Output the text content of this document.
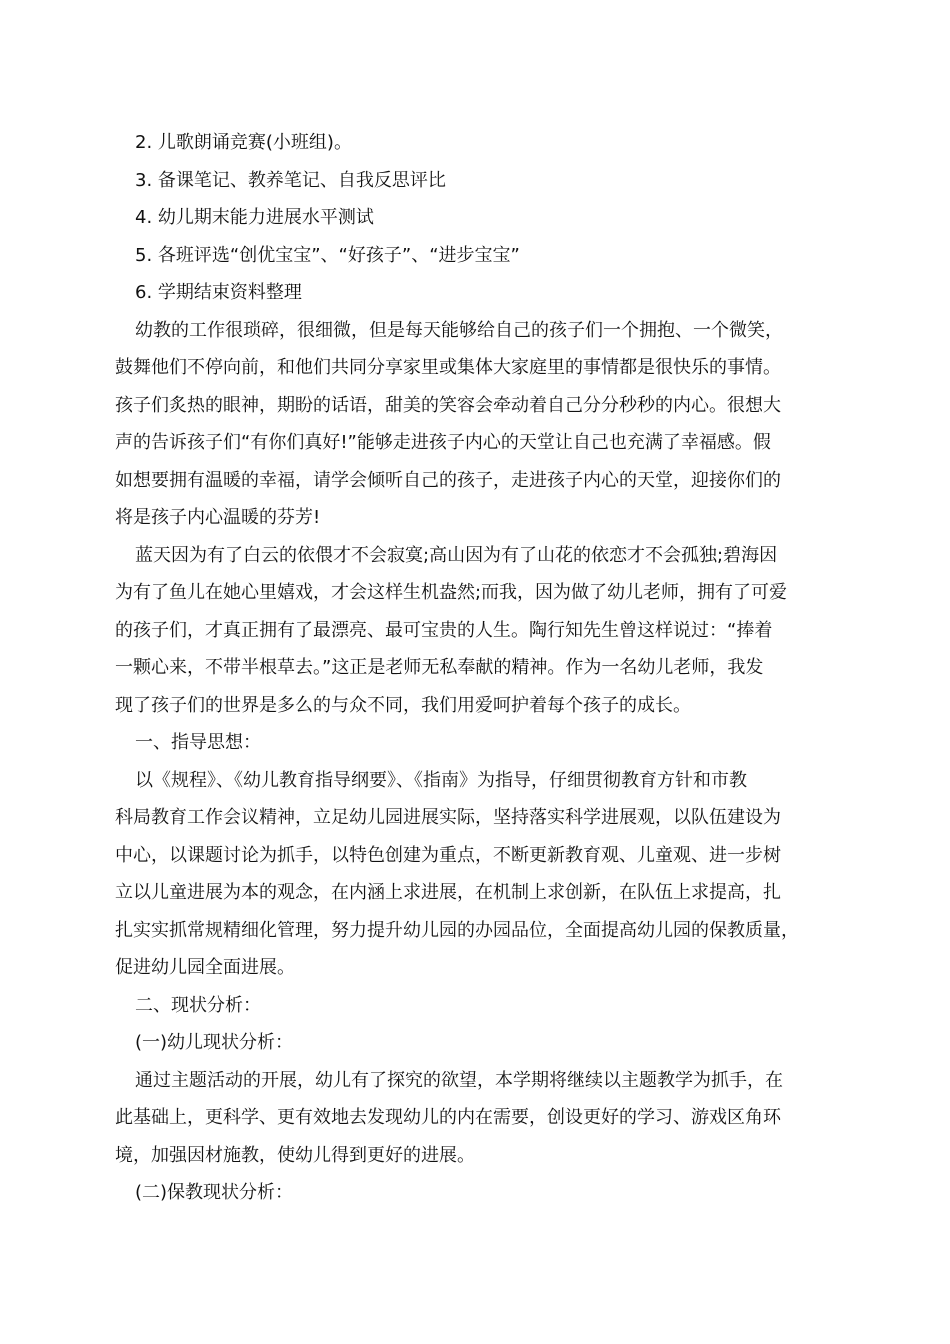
2. 儿歌朗诵竞赛(小班组)。
3. 备课笔记、教养笔记、自我反思评比
4. 幼儿期末能力进展水平测试
5. 各班评选“创优宝宝”、“好孩子”、“进步宝宝”
6. 学期结束资料整理
幼教的工作很琐碎，很细微，但是每天能够给自己的孩子们一个拥抱、一个微笑，
鼓舞他们不停向前，和他们共同分享家里或集体大家庭里的事情都是很快乐的事情。
孩子们炙热的眼神，期盼的话语，甜美的笑容会牵动着自己分分秒秒的内心。很想大
声的告诉孩子们“有你们真好!”能够走进孩子内心的天堂让自己也充满了幸福感。假
如想要拥有温暖的幸福，请学会倾听自己的孩子，走进孩子内心的天堂，迎接你们的
将是孩子内心温暖的芬芳!
蓝天因为有了白云的依偎才不会寂寞;高山因为有了山花的依恋才不会孤独;碧海因
为有了鱼儿在她心里嬉戏，才会这样生机盎然;而我，因为做了幼儿老师，拥有了可爱
的孩子们，才真正拥有了最漂亮、最可宝贵的人生。陶行知先生曾这样说过：“捧着
一颗心来，不带半根草去。”这正是老师无私奉献的精神。作为一名幼儿老师，我发
现了孩子们的世界是多么的与众不同，我们用爱呵护着每个孩子的成长。
一、指导思想：
以《规程》、《幼儿教育指导纲要》、《指南》为指导，仔细贯彻教育方针和市教
科局教育工作会议精神，立足幼儿园进展实际，坚持落实科学进展观，以队伍建设为
中心，以课题讨论为抓手，以特色创建为重点，不断更新教育观、儿童观、进一步树
立以儿童进展为本的观念，在内涵上求进展，在机制上求创新，在队伍上求提高，扎
扎实实抓常规精细化管理，努力提升幼儿园的办园品位，全面提高幼儿园的保教质量，
促进幼儿园全面进展。
二、现状分析：
(一)幼儿现状分析：
通过主题活动的开展，幼儿有了探究的欲望，本学期将继续以主题教学为抓手，在
此基础上，更科学、更有效地去发现幼儿的内在需要，创设更好的学习、游戏区角环
境，加强因材施教，使幼儿得到更好的进展。
(二)保教现状分析：
